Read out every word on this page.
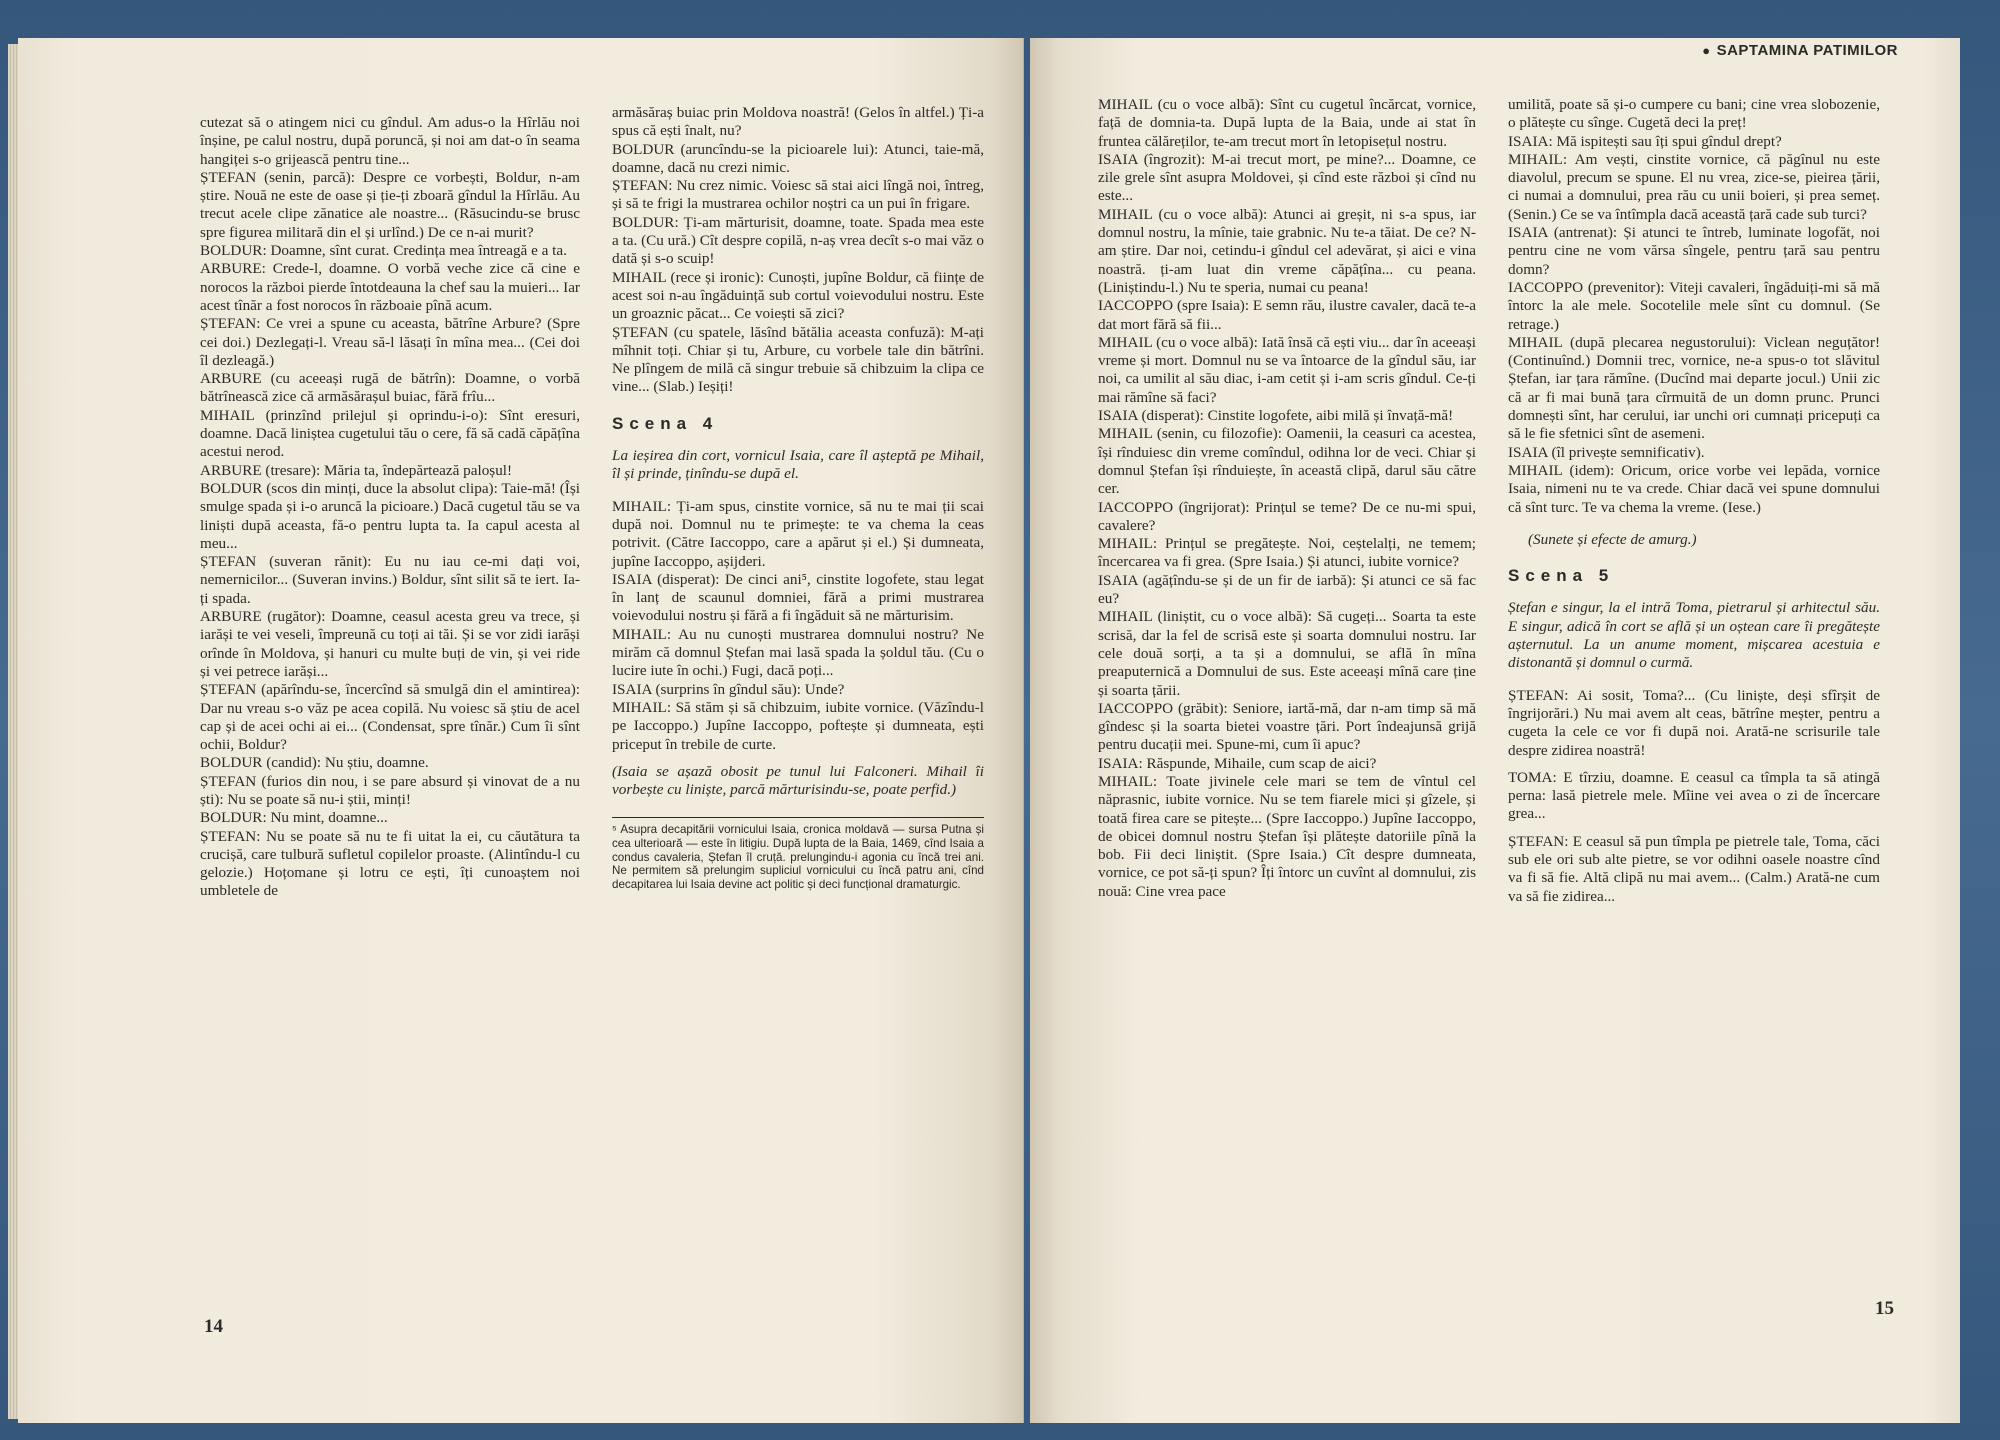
cutezat să o atingem nici cu gîndul. Am adus-o la Hîrlău noi înșine, pe calul nostru, după poruncă, și noi am dat-o în seama hangiței s-o grijească pentru tine...

ȘTEFAN (senin, parcă): Despre ce vorbești, Boldur, n-am știre. Nouă ne este de oase și ție-ți zboară gîndul la Hîrlău. Au trecut acele clipe zănatice ale noastre... (Răsucindu-se brusc spre figurea militară din el și urlînd.) De ce n-ai murit?

BOLDUR: Doamne, sînt curat. Credința mea întreagă e a ta.

ARBURE: Crede-l, doamne. O vorbă veche zice că cine e norocos la război pierde întotdeauna la chef sau la muieri... Iar acest tînăr a fost norocos în războaie pînă acum.

ȘTEFAN: Ce vrei a spune cu aceasta, bătrîne Arbure? (Spre cei doi.) Dezlegați-l. Vreau să-l lăsați în mîna mea... (Cei doi îl dezleagă.)

ARBURE (cu aceeași rugă de bătrîn): Doamne, o vorbă bătrînească zice că armăsărașul buiac, fără frîu...

MIHAIL (prinzînd prilejul și oprindu-i-o): Sînt eresuri, doamne. Dacă liniștea cugetului tău o cere, fă să cadă căpățîna acestui nerod.

ARBURE (tresare): Măria ta, îndepărtează paloșul!

BOLDUR (scos din minți, duce la absolut clipa): Taie-mă! (Își smulge spada și i-o aruncă la picioare.) Dacă cugetul tău se va liniști după aceasta, fă-o pentru lupta ta. Ia capul acesta al meu...

ȘTEFAN (suveran rănit): Eu nu iau ce-mi dați voi, nemernicilor... (Suveran invins.) Boldur, sînt silit să te iert. Ia-ți spada.

ARBURE (rugător): Doamne, ceasul acesta greu va trece, și iarăși te vei veseli, împreună cu toți ai tăi. Și se vor zidi iarăși orînde în Moldova, și hanuri cu multe buți de vin, și vei ride și vei petrece iarăși...

ȘTEFAN (apărîndu-se, încercînd să smulgă din el amintirea): Dar nu vreau s-o văz pe acea copilă. Nu voiesc să știu de acel cap și de acei ochi ai ei... (Condensat, spre tînăr.) Cum îi sînt ochii, Boldur?

BOLDUR (candid): Nu știu, doamne.

ȘTEFAN (furios din nou, i se pare absurd și vinovat de a nu ști): Nu se poate să nu-i știi, minți!

BOLDUR: Nu mint, doamne...

ȘTEFAN: Nu se poate să nu te fi uitat la ei, cu căutătura ta crucișă, care tulbură sufletul copilelor proaste. (Alintîndu-l cu gelozie.) Hoțomane și lotru ce ești, îți cunoaștem noi umbletele de

armăsăraș buiac prin Moldova noastră! (Gelos în altfel.) Ți-a spus că ești înalt, nu?

BOLDUR (aruncîndu-se la picioarele lui): Atunci, taie-mă, doamne, dacă nu crezi nimic.

ȘTEFAN: Nu crez nimic. Voiesc să stai aici lîngă noi, întreg, și să te frigi la mustrarea ochilor noștri ca un pui în frigare.

BOLDUR: Ți-am mărturisit, doamne, toate. Spada mea este a ta. (Cu ură.) Cît despre copilă, n-aș vrea decît s-o mai văz o dată și s-o scuip!

MIHAIL (rece și ironic): Cunoști, jupîne Boldur, că ființe de acest soi n-au îngăduință sub cortul voievodului nostru. Este un groaznic păcat... Ce voiești să zici?

ȘTEFAN (cu spatele, lăsînd bătălia aceasta confuză): M-ați mîhnit toți. Chiar și tu, Arbure, cu vorbele tale din bătrîni. Ne plîngem de milă că singur trebuie să chibzuim la clipa ce vine... (Slab.) Ieșiți!

Scena 4

La ieșirea din cort, vornicul Isaia, care îl așteptă pe Mihail, îl și prinde, ținîndu-se după el.

MIHAIL: Ți-am spus, cinstite vornice, să nu te mai ții scai după noi. Domnul nu te primește: te va chema la ceas potrivit. (Către Iaccoppo, care a apărut și el.) Și dumneata, jupîne Iaccoppo, așijderi.

ISAIA (disperat): De cinci ani⁵, cinstite logofete, stau legat în lanț de scaunul domniei, fără a primi mustrarea voievodului nostru și fără a fi îngăduit să ne mărturisim.

MIHAIL: Au nu cunoști mustrarea domnului nostru? Ne mirăm că domnul Ștefan mai lasă spada la șoldul tău. (Cu o lucire iute în ochi.) Fugi, dacă poți...

ISAIA (surprins în gîndul său): Unde?

MIHAIL: Să stăm și să chibzuim, iubite vornice. (Văzîndu-l pe Iaccoppo.) Jupîne Iaccoppo, poftește și dumneata, ești priceput în trebile de curte.

(Isaia se așază obosit pe tunul lui Falconeri. Mihail îi vorbește cu liniște, parcă mărturisindu-se, poate perfid.)

⁵ Asupra decapitării vornicului Isaia, cronica moldavă — sursa Putna și cea ulterioară — este în litigiu. După lupta de la Baia, 1469, cînd Isaia a condus cavaleria, Ștefan îl cruță. prelungindu-i agonia cu încă trei ani. Ne permitem să prelungim supliciul vornicului cu încă patru ani, cînd decapitarea lui Isaia devine act politic și deci funcțional dramaturgic.
14
● SAPTAMINA PATIMILOR

MIHAIL (cu o voce albă): Sînt cu cugetul încărcat, vornice, față de domnia-ta. După lupta de la Baia, unde ai stat în fruntea călăreților, te-am trecut mort în letopisețul nostru.

ISAIA (îngrozit): M-ai trecut mort, pe mine?... Doamne, ce zile grele sînt asupra Moldovei, și cînd este război și cînd nu este...

MIHAIL (cu o voce albă): Atunci ai greșit, ni s-a spus, iar domnul nostru, la mînie, taie grabnic. Nu te-a tăiat. De ce? N-am știre. Dar noi, cetindu-i gîndul cel adevărat, și aici e vina noastră. ți-am luat din vreme căpățîna... cu peana. (Liniștindu-l.) Nu te speria, numai cu peana!

IACCOPPO (spre Isaia): E semn rău, ilustre cavaler, dacă te-a dat mort fără să fii...

MIHAIL (cu o voce albă): Iată însă că ești viu... dar în aceeași vreme și mort. Domnul nu se va întoarce de la gîndul său, iar noi, ca umilit al său diac, i-am cetit și i-am scris gîndul. Ce-ți mai rămîne să faci?

ISAIA (disperat): Cinstite logofete, aibi milă și învață-mă!

MIHAIL (senin, cu filozofie): Oamenii, la ceasuri ca acestea, își rînduiesc din vreme comîndul, odihna lor de veci. Chiar și domnul Ștefan își rînduiește, în această clipă, darul său către cer.

IACCOPPO (îngrijorat): Prințul se teme? De ce nu-mi spui, cavalere?

MIHAIL: Prințul se pregătește. Noi, ceștelalți, ne temem; încercarea va fi grea. (Spre Isaia.) Și atunci, iubite vornice?

ISAIA (agățîndu-se și de un fir de iarbă): Și atunci ce să fac eu?

MIHAIL (liniștit, cu o voce albă): Să cugeți... Soarta ta este scrisă, dar la fel de scrisă este și soarta domnului nostru. Iar cele două sorți, a ta și a domnului, se află în mîna preaputernică a Domnului de sus. Este aceeași mînă care ține și soarta țării.

IACCOPPO (grăbit): Seniore, iartă-mă, dar n-am timp să mă gîndesc și la soarta bietei voastre țări. Port îndeajunsă grijă pentru ducații mei. Spune-mi, cum îi apuc?

ISAIA: Răspunde, Mihaile, cum scap de aici?

MIHAIL: Toate jivinele cele mari se tem de vîntul cel năprasnic, iubite vornice. Nu se tem fiarele mici și gîzele, și toată firea care se pitește... (Spre Iaccoppo.) Jupîne Iaccoppo, de obicei domnul nostru Ștefan își plătește datoriile pînă la bob. Fii deci liniștit. (Spre Isaia.) Cît despre dumneata, vornice, ce pot să-ți spun? Îți întorc un cuvînt al domnului, zis nouă: Cine vrea pace

umilită, poate să și-o cumpere cu bani; cine vrea slobozenie, o plătește cu sînge. Cugetă deci la preț!

ISAIA: Mă ispitești sau îți spui gîndul drept?

MIHAIL: Am vești, cinstite vornice, că păgînul nu este diavolul, precum se spune. El nu vrea, zice-se, pieirea țării, ci numai a domnului, prea rău cu unii boieri, și prea semeț. (Senin.) Ce se va întîmpla dacă această țară cade sub turci?

ISAIA (antrenat): Și atunci te întreb, luminate logofăt, noi pentru cine ne vom vărsa sîngele, pentru țară sau pentru domn?

IACCOPPO (prevenitor): Viteji cavaleri, îngăduiți-mi să mă întorc la ale mele. Socotelile mele sînt cu domnul. (Se retrage.)

MIHAIL (după plecarea negustorului): Viclean neguțător! (Continuînd.) Domnii trec, vornice, ne-a spus-o tot slăvitul Ștefan, iar țara rămîne. (Ducînd mai departe jocul.) Unii zic că ar fi mai bună țara cîrmuită de un domn prunc. Prunci domnești sînt, har cerului, iar unchi ori cumnați pricepuți ca să le fie sfetnici sînt de asemeni.

ISAIA (îl privește semnificativ).

MIHAIL (idem): Oricum, orice vorbe vei lepăda, vornice Isaia, nimeni nu te va crede. Chiar dacă vei spune domnului că sînt turc. Te va chema la vreme. (Iese.)

(Sunete și efecte de amurg.)

Scena 5

Ștefan e singur, la el intră Toma, pietrarul și arhitectul său. E singur, adică în cort se află și un oștean care îi pregătește așternutul. La un anume moment, mișcarea acestuia e distonantă și domnul o curmă.

ȘTEFAN: Ai sosit, Toma?... (Cu liniște, deși sfîrșit de îngrijorări.) Nu mai avem alt ceas, bătrîne meșter, pentru a cugeta la cele ce vor fi după noi. Arată-ne scrisurile tale despre zidirea noastră!

TOMA: E tîrziu, doamne. E ceasul ca tîmpla ta să atingă perna: lasă pietrele mele. Mîine vei avea o zi de încercare grea...

ȘTEFAN: E ceasul să pun tîmpla pe pietrele tale, Toma, căci sub ele ori sub alte pietre, se vor odihni oasele noastre cînd va fi să fie. Altă clipă nu mai avem... (Calm.) Arată-ne cum va să fie zidirea...

15
